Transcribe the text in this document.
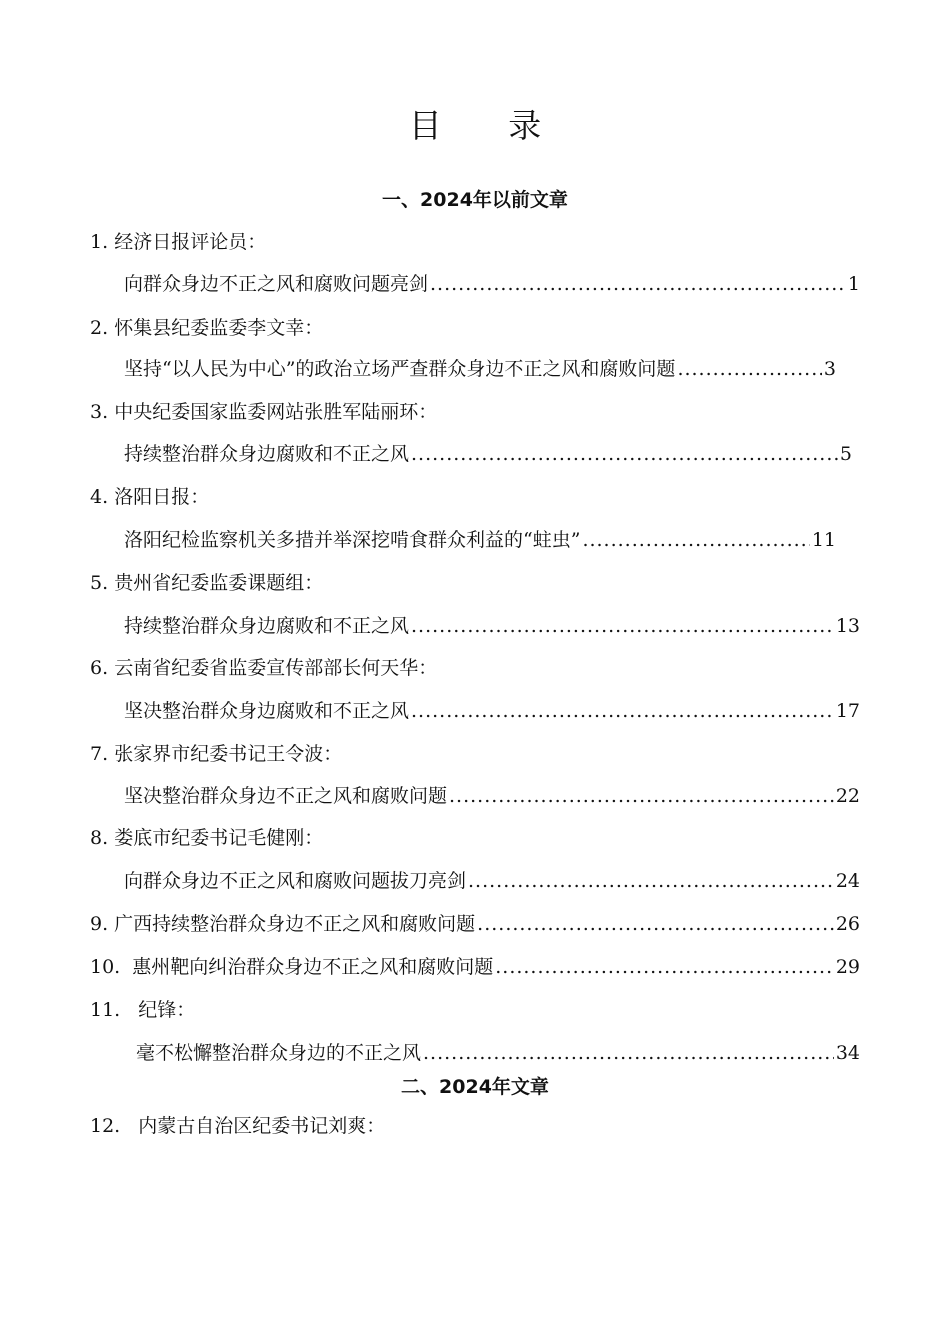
目 录
一、2024年以前文章
1. 经济日报评论员：
向群众身边不正之风和腐败问题亮剑 .....	1
2. 怀集县纪委监委李文幸：
坚持“以人民为中心”的政治立场严查群众身边不正之风和腐败问题 .....	3
3. 中央纪委国家监委网站张胜军陆丽环：
持续整治群众身边腐败和不正之风 .....	5
4. 洛阳日报：
洛阳纪检监察机关多措并举深挖啃食群众利益的“蛀虫” .....	11
5. 贵州省纪委监委课题组：
持续整治群众身边腐败和不正之风 .....	13
6. 云南省纪委省监委宣传部部长何天华：
坚决整治群众身边腐败和不正之风 .....	17
7. 张家界市纪委书记王令波：
坚决整治群众身边不正之风和腐败问题 .....	22
8. 娄底市纪委书记毛健刚：
向群众身边不正之风和腐败问题拔刀亮剑 .....	24
9. 广西持续整治群众身边不正之风和腐败问题 .....	26
10. 惠州靶向纠治群众身边不正之风和腐败问题 .....	29
11. 纪锋：
毫不松懈整治群众身边的不正之风 .....	34
二、2024年文章
12. 内蒙古自治区纪委书记刘爽：
